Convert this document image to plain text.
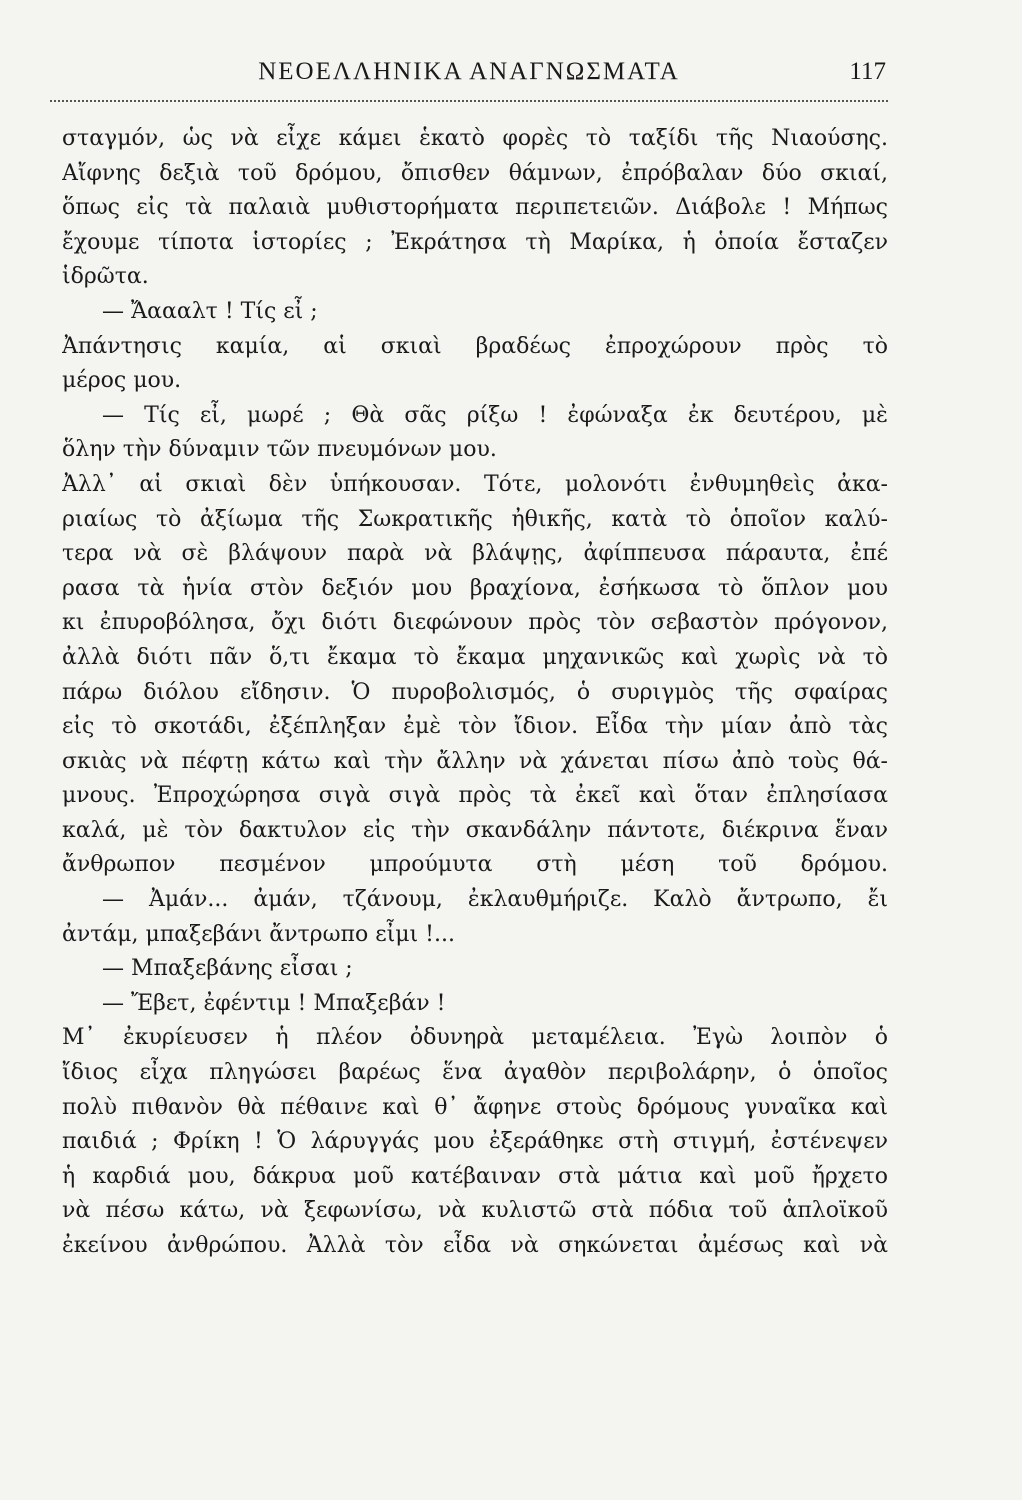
ΝΕΟΕΛΛΗΝΙΚΑ ΑΝΑΓΝΩΣΜΑΤΑ	117
σταγμόν, ὡς νὰ εἶχε κάμει ἑκατὸ φορὲς τὸ ταξίδι τῆς Νιαούσης.
Αἴφνης δεξιὰ τοῦ δρόμου, ὄπισθεν θάμνων, ἐπρόβαλαν δύο σκιαί,
ὅπως εἰς τὰ παλαιὰ μυθιστορήματα περιπετειῶν. Διάβολε ! Μήπως
ἔχουμε τίποτα ἱστορίες ; Ἐκράτησα τὴ Μαρίκα, ἡ ὁποία ἔσταζεν
ἱδρῶτα.
— Ἄαααλτ ! Τίς εἶ ;
Ἀπάντησις καμία, αἱ σκιαὶ βραδέως ἐπροχώρουν πρὸς τὸ
μέρος μου.
— Τίς εἶ, μωρέ ; Θὰ σᾶς ρίξω ! ἐφώναξα ἐκ δευτέρου, μὲ
ὅλην τὴν δύναμιν τῶν πνευμόνων μου.
Ἀλλ᾽ αἱ σκιαὶ δὲν ὑπήκουσαν. Τότε, μολονότι ἐνθυμηθεὶς ἀκα-
ριαίως τὸ ἀξίωμα τῆς Σωκρατικῆς ἠθικῆς, κατὰ τὸ ὁποῖον καλύ-
τερα νὰ σὲ βλάψουν παρὰ νὰ βλάψῃς, ἀφίππευσα πάραυτα, ἐπέ
ρασα τὰ ἡνία στὸν δεξιόν μου βραχίονα, ἐσήκωσα τὸ ὅπλον μου
κι ἐπυροβόλησα, ὄχι διότι διεφώνουν πρὸς τὸν σεβαστὸν πρόγονον,
ἀλλὰ διότι πᾶν ὅ,τι ἔκαμα τὸ ἔκαμα μηχανικῶς καὶ χωρὶς νὰ τὸ
πάρω διόλου εἴδησιν. Ὁ πυροβολισμός, ὁ συριγμὸς τῆς σφαίρας
εἰς τὸ σκοτάδι, ἐξέπληξαν ἐμὲ τὸν ἴδιον. Εἶδα τὴν μίαν ἀπὸ τὰς
σκιὰς νὰ πέφτῃ κάτω καὶ τὴν ἄλλην νὰ χάνεται πίσω ἀπὸ τοὺς θά-
μνους. Ἐπροχώρησα σιγὰ σιγὰ πρὸς τὰ ἐκεῖ καὶ ὅταν ἐπλησίασα
καλά, μὲ τὸν δακτυλον εἰς τὴν σκανδάλην πάντοτε, διέκρινα ἕναν
ἄνθρωπον πεσμένον μπρούμυτα στὴ μέση τοῦ δρόμου.
— Ἀμάν... ἀμάν, τζάνουμ, ἐκλαυθμήριζε. Καλὸ ἄντρωπο, ἔι
ἀντάμ, μπαξεβάνι ἄντρωπο εἶμι !...
— Μπαξεβάνης εἶσαι ;
— Ἔβετ, ἐφέντιμ ! Μπαξεβάν !
Μ᾽ ἐκυρίευσεν ἡ πλέον ὀδυνηρὰ μεταμέλεια. Ἐγὼ λοιπὸν ὁ
ἴδιος εἶχα πληγώσει βαρέως ἕνα ἀγαθὸν περιβολάρην, ὁ ὁποῖος
πολὺ πιθανὸν θὰ πέθαινε καὶ θ᾽ ἄφηνε στοὺς δρόμους γυναῖκα καὶ
παιδιά ; Φρίκη ! Ὁ λάρυγγάς μου ἐξεράθηκε στὴ στιγμή, ἐστένεψεν
ἡ καρδιά μου, δάκρυα μοῦ κατέβαιναν στὰ μάτια καὶ μοῦ ἤρχετο
νὰ πέσω κάτω, νὰ ξεφωνίσω, νὰ κυλιστῶ στὰ πόδια τοῦ ἁπλοϊκοῦ
ἐκείνου ἀνθρώπου. Ἀλλὰ τὸν εἶδα νὰ σηκώνεται ἀμέσως καὶ νὰ
